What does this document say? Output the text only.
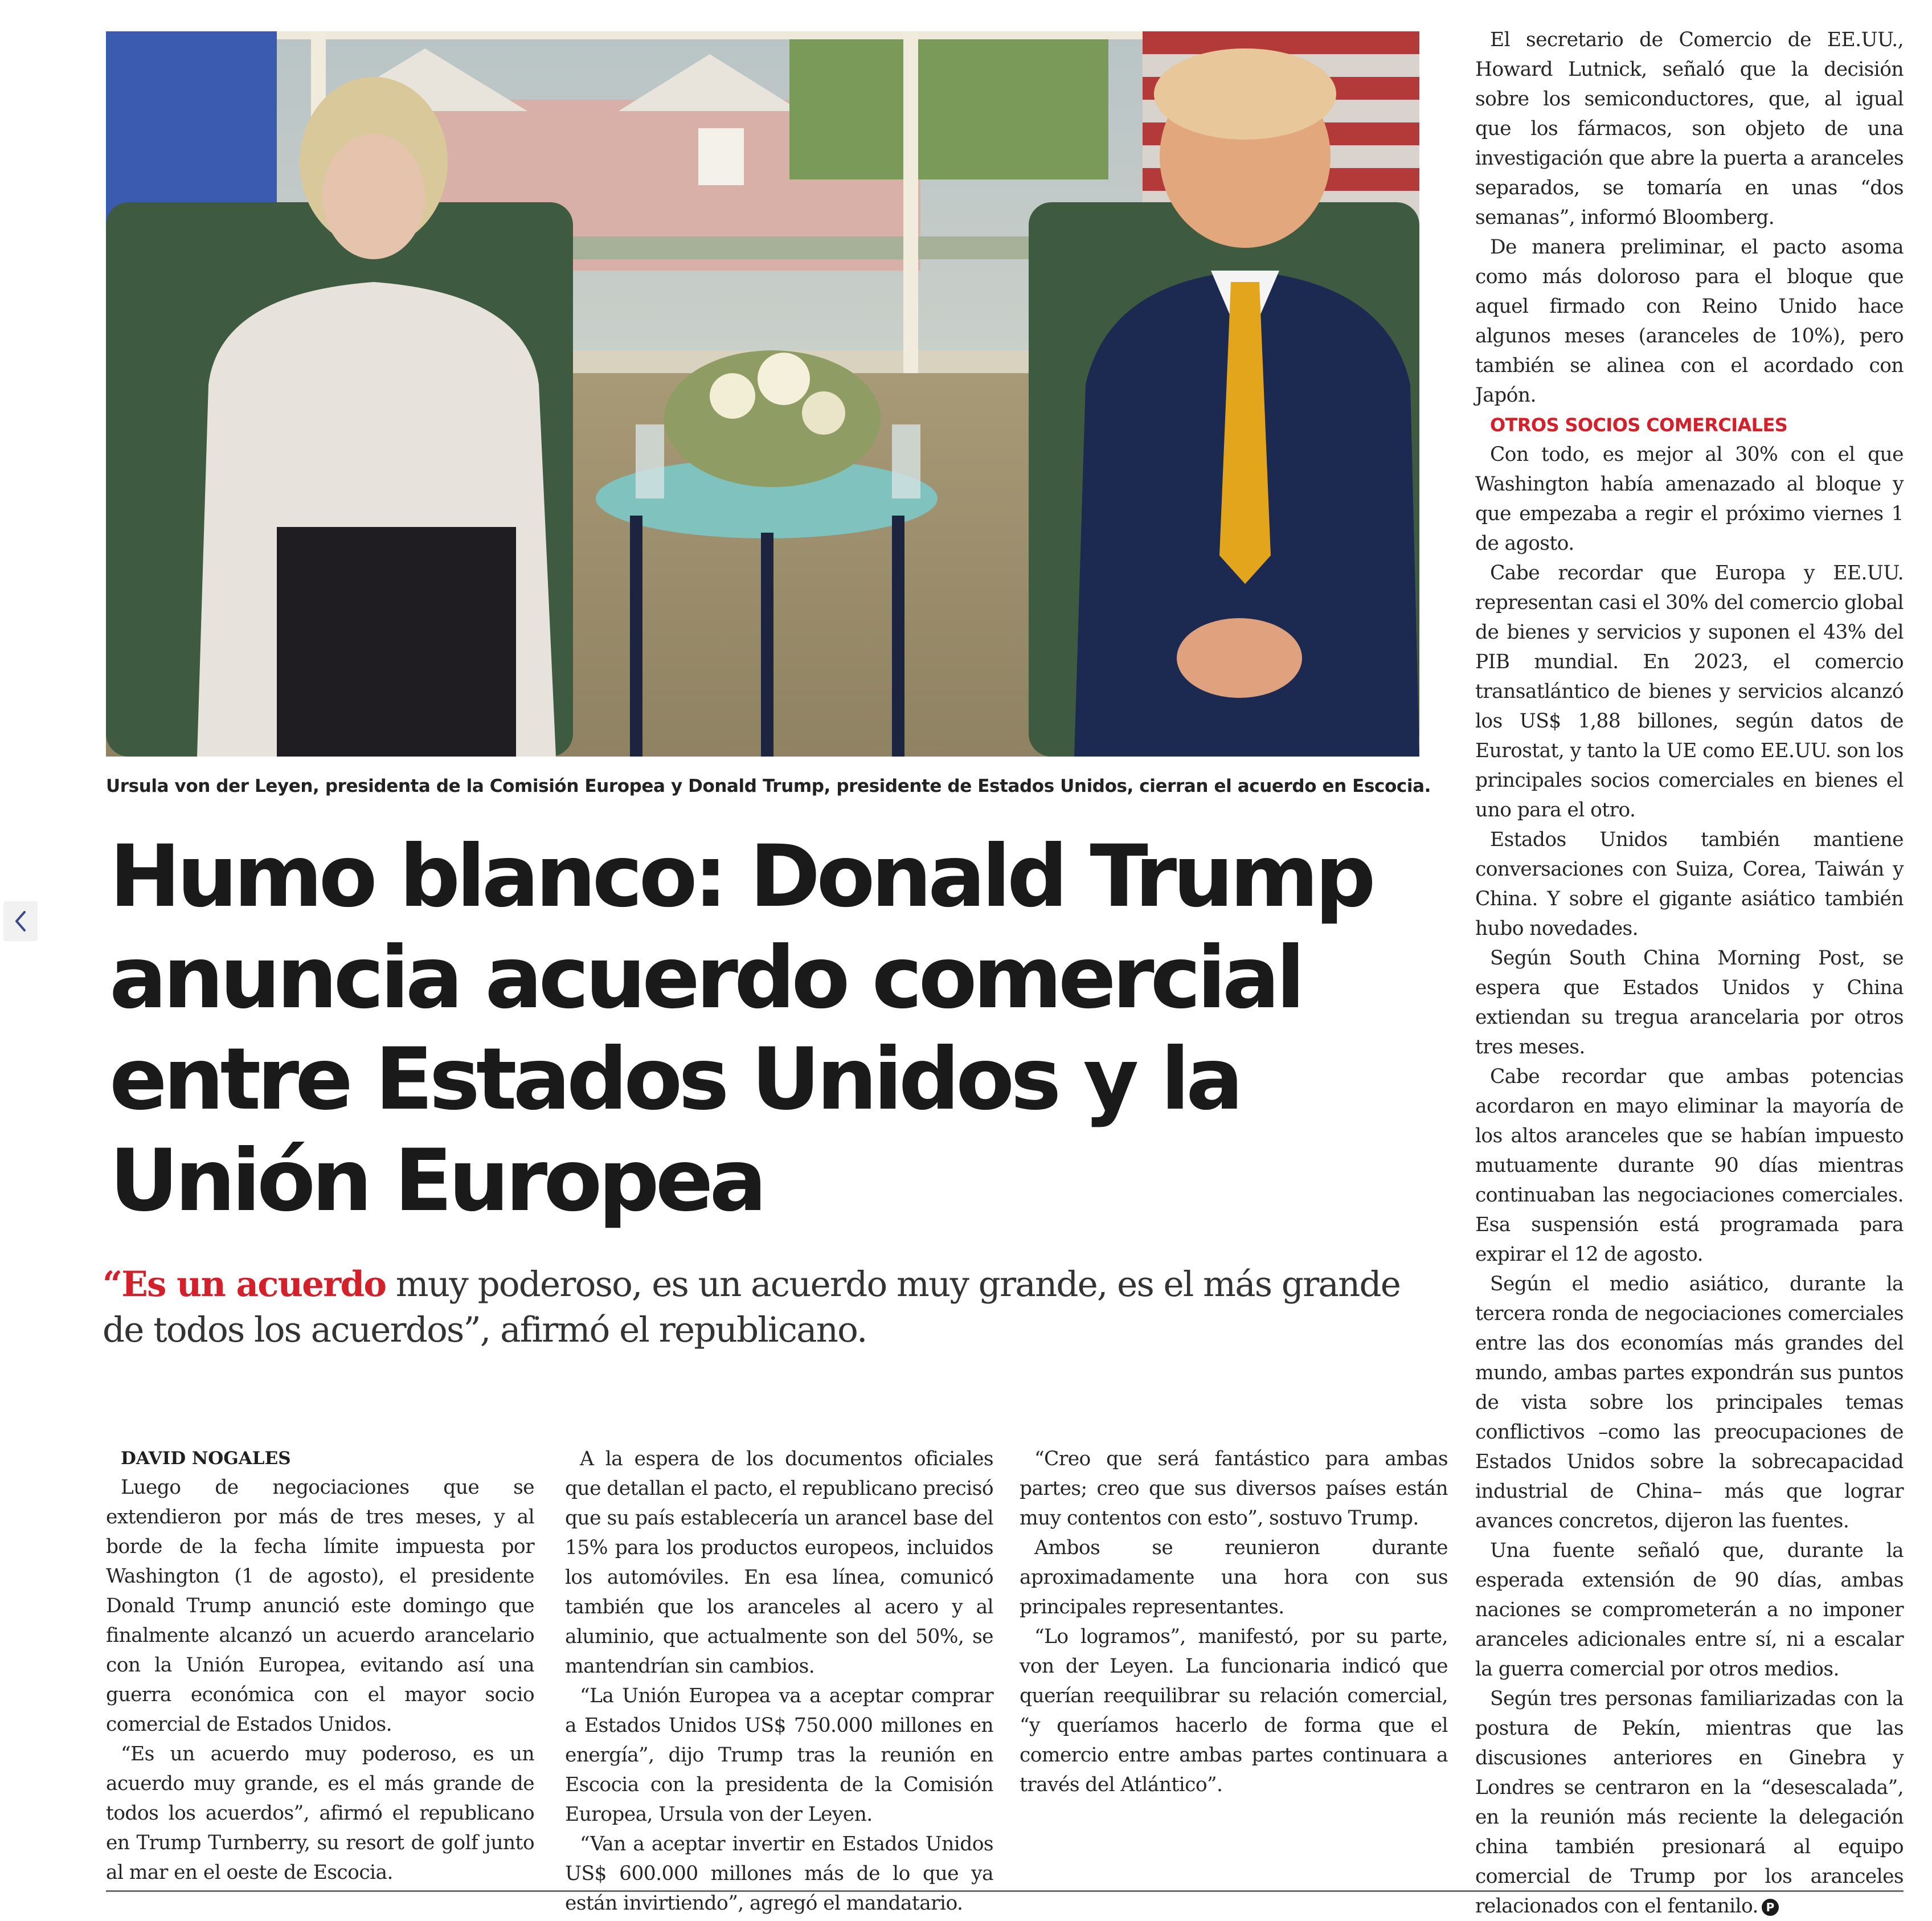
Ursula von der Leyen, presidenta de la Comisión Europea y Donald Trump, presidente de Estados Unidos, cierran el acuerdo en Escocia.
Humo blanco: Donald Trump anuncia acuerdo comercial entre Estados Unidos y la Unión Europea

“Es un acuerdo muy poderoso, es un acuerdo muy grande, es el más grande de todos los acuerdos”, afirmó el republicano.

DAVID NOGALES

Luego de negociaciones que se extendieron por más de tres meses, y al borde de la fecha límite impuesta por Washington (1 de agosto), el presidente Donald Trump anunció este domingo que finalmente alcanzó un acuerdo arancelario con la Unión Europea, evitando así una guerra económica con el mayor socio comercial de Estados Unidos.

“Es un acuerdo muy poderoso, es un acuerdo muy grande, es el más grande de todos los acuerdos”, afirmó el republicano en Trump Turnberry, su resort de golf junto al mar en el oeste de Escocia.

A la espera de los documentos oficiales que detallan el pacto, el republicano precisó que su país establecería un arancel base del 15% para los productos europeos, incluidos los automóviles. En esa línea, comunicó también que los aranceles al acero y al aluminio, que actualmente son del 50%, se mantendrían sin cambios.

“La Unión Europea va a aceptar comprar a Estados Unidos US$ 750.000 millones en energía”, dijo Trump tras la reunión en Escocia con la presidenta de la Comisión Europea, Ursula von der Leyen.

“Van a aceptar invertir en Estados Unidos US$ 600.000 millones más de lo que ya están invirtiendo”, agregó el mandatario.

“Creo que será fantástico para ambas partes; creo que sus diversos países están muy contentos con esto”, sostuvo Trump.

Ambos se reunieron durante aproximadamente una hora con sus principales representantes.

“Lo logramos”, manifestó, por su parte, von der Leyen. La funcionaria indicó que querían reequilibrar su relación comercial, “y queríamos hacerlo de forma que el comercio entre ambas partes continuara a través del Atlántico”.

El secretario de Comercio de EE.UU., Howard Lutnick, señaló que la decisión sobre los semiconductores, que, al igual que los fármacos, son objeto de una investigación que abre la puerta a aranceles separados, se tomaría en unas “dos semanas”, informó Bloomberg.

De manera preliminar, el pacto asoma como más doloroso para el bloque que aquel firmado con Reino Unido hace algunos meses (aranceles de 10%), pero también se alinea con el acordado con Japón.

OTROS SOCIOS COMERCIALES

Con todo, es mejor al 30% con el que Washington había amenazado al bloque y que empezaba a regir el próximo viernes 1 de agosto.

Cabe recordar que Europa y EE.UU. representan casi el 30% del comercio global de bienes y servicios y suponen el 43% del PIB mundial. En 2023, el comercio transatlántico de bienes y servicios alcanzó los US$ 1,88 billones, según datos de Eurostat, y tanto la UE como EE.UU. son los principales socios comerciales en bienes el uno para el otro.

Estados Unidos también mantiene conversaciones con Suiza, Corea, Taiwán y China. Y sobre el gigante asiático también hubo novedades.

Según South China Morning Post, se espera que Estados Unidos y China extiendan su tregua arancelaria por otros tres meses.

Cabe recordar que ambas potencias acordaron en mayo eliminar la mayoría de los altos aranceles que se habían impuesto mutuamente durante 90 días mientras continuaban las negociaciones comerciales. Esa suspensión está programada para expirar el 12 de agosto.

Según el medio asiático, durante la tercera ronda de negociaciones comerciales entre las dos economías más grandes del mundo, ambas partes expondrán sus puntos de vista sobre los principales temas conflictivos –como las preocupaciones de Estados Unidos sobre la sobrecapacidad industrial de China– más que lograr avances concretos, dijeron las fuentes.

Una fuente señaló que, durante la esperada extensión de 90 días, ambas naciones se comprometerán a no imponer aranceles adicionales entre sí, ni a escalar la guerra comercial por otros medios.

Según tres personas familiarizadas con la postura de Pekín, mientras que las discusiones anteriores en Ginebra y Londres se centraron en la “desescalada”, en la reunión más reciente la delegación china también presionará al equipo comercial de Trump por los aranceles relacionados con el fentanilo. P
